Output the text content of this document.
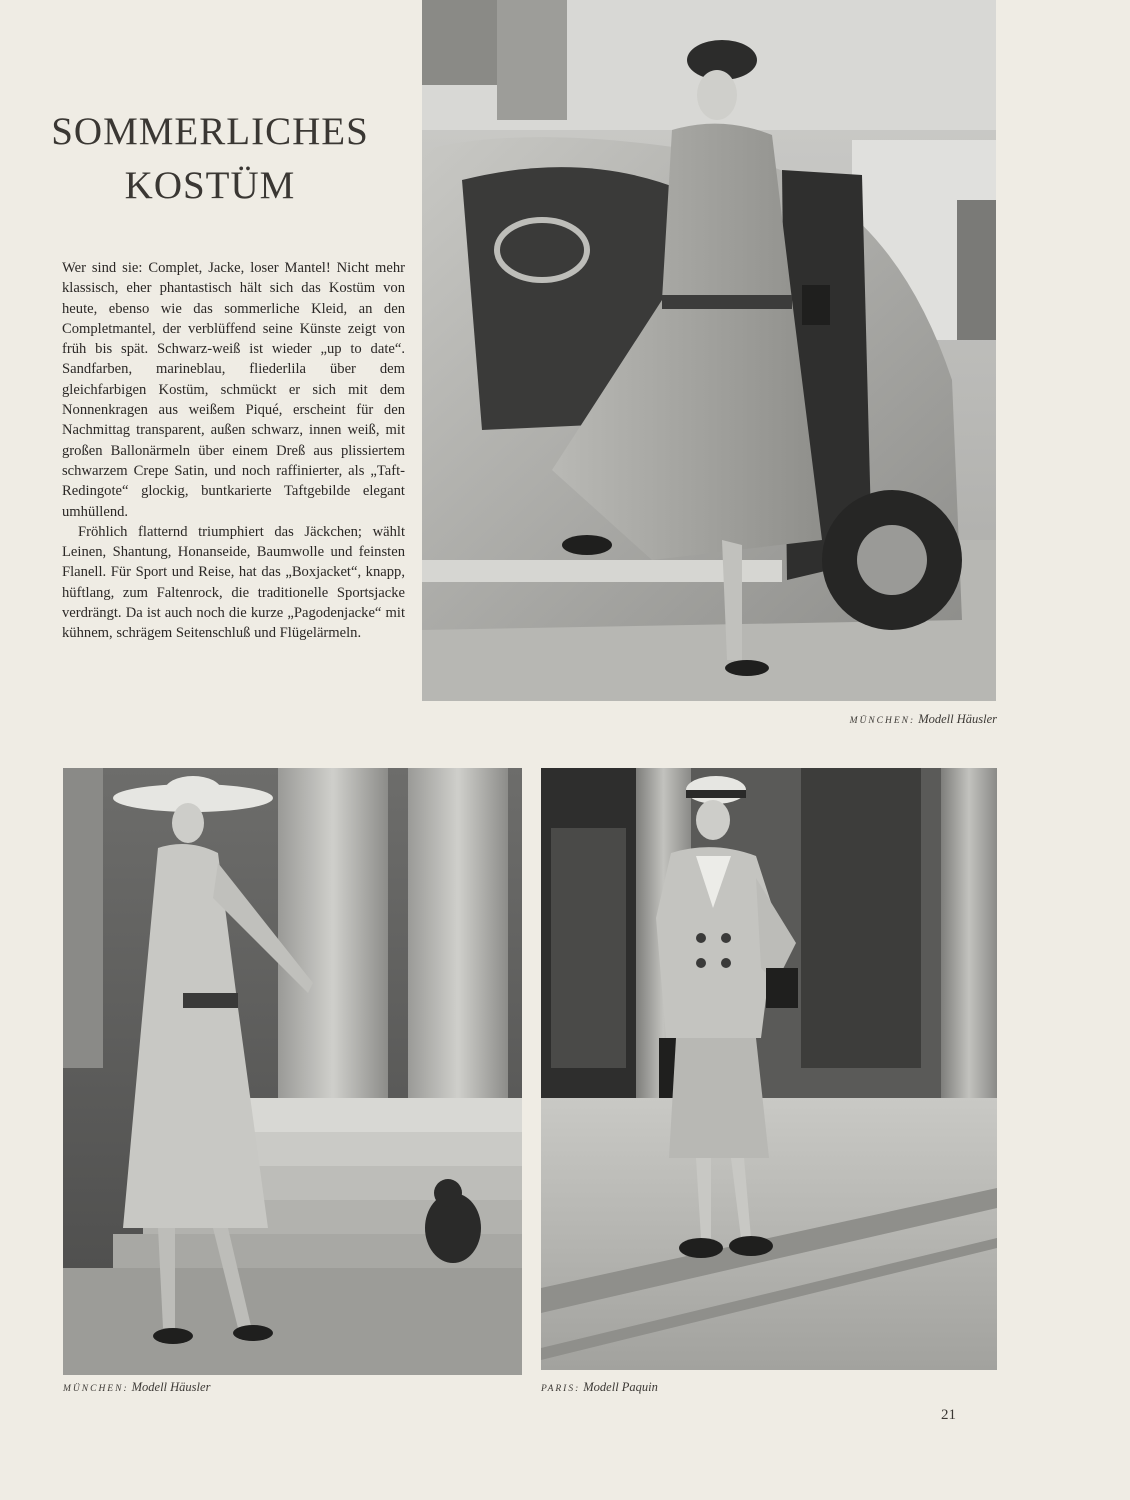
SOMMERLICHES
KOSTÜM

Wer sind sie: Complet, Jacke, loser Mantel! Nicht mehr klassisch, eher phantastisch hält sich das Kostüm von heute, ebenso wie das sommerliche Kleid, an den Completmantel, der verblüffend seine Künste zeigt von früh bis spät. Schwarz-weiß ist wieder „up to date“. Sandfarben, marineblau, fliederlila über dem gleichfarbigen Kostüm, schmückt er sich mit dem Nonnenkragen aus weißem Piqué, erscheint für den Nachmittag transparent, außen schwarz, innen weiß, mit großen Ballonärmeln über einem Dreß aus plissiertem schwarzem Crepe Satin, und noch raffinierter, als „Taft-Redingote“ glockig, buntkarierte Taftgebilde elegant umhüllend.

Fröhlich flatternd triumphiert das Jäckchen; wählt Leinen, Shantung, Honanseide, Baumwolle und feinsten Flanell. Für Sport und Reise, hat das „Boxjacket“, knapp, hüftlang, zum Faltenrock, die traditionelle Sportsjacke verdrängt. Da ist auch noch die kurze „Pagodenjacke“ mit kühnem, schrägem Seitenschluß und Flügelärmeln.

MÜNCHEN: Modell Häusler
MÜNCHEN: Modell Häusler	PARIS: Modell Paquin
21
